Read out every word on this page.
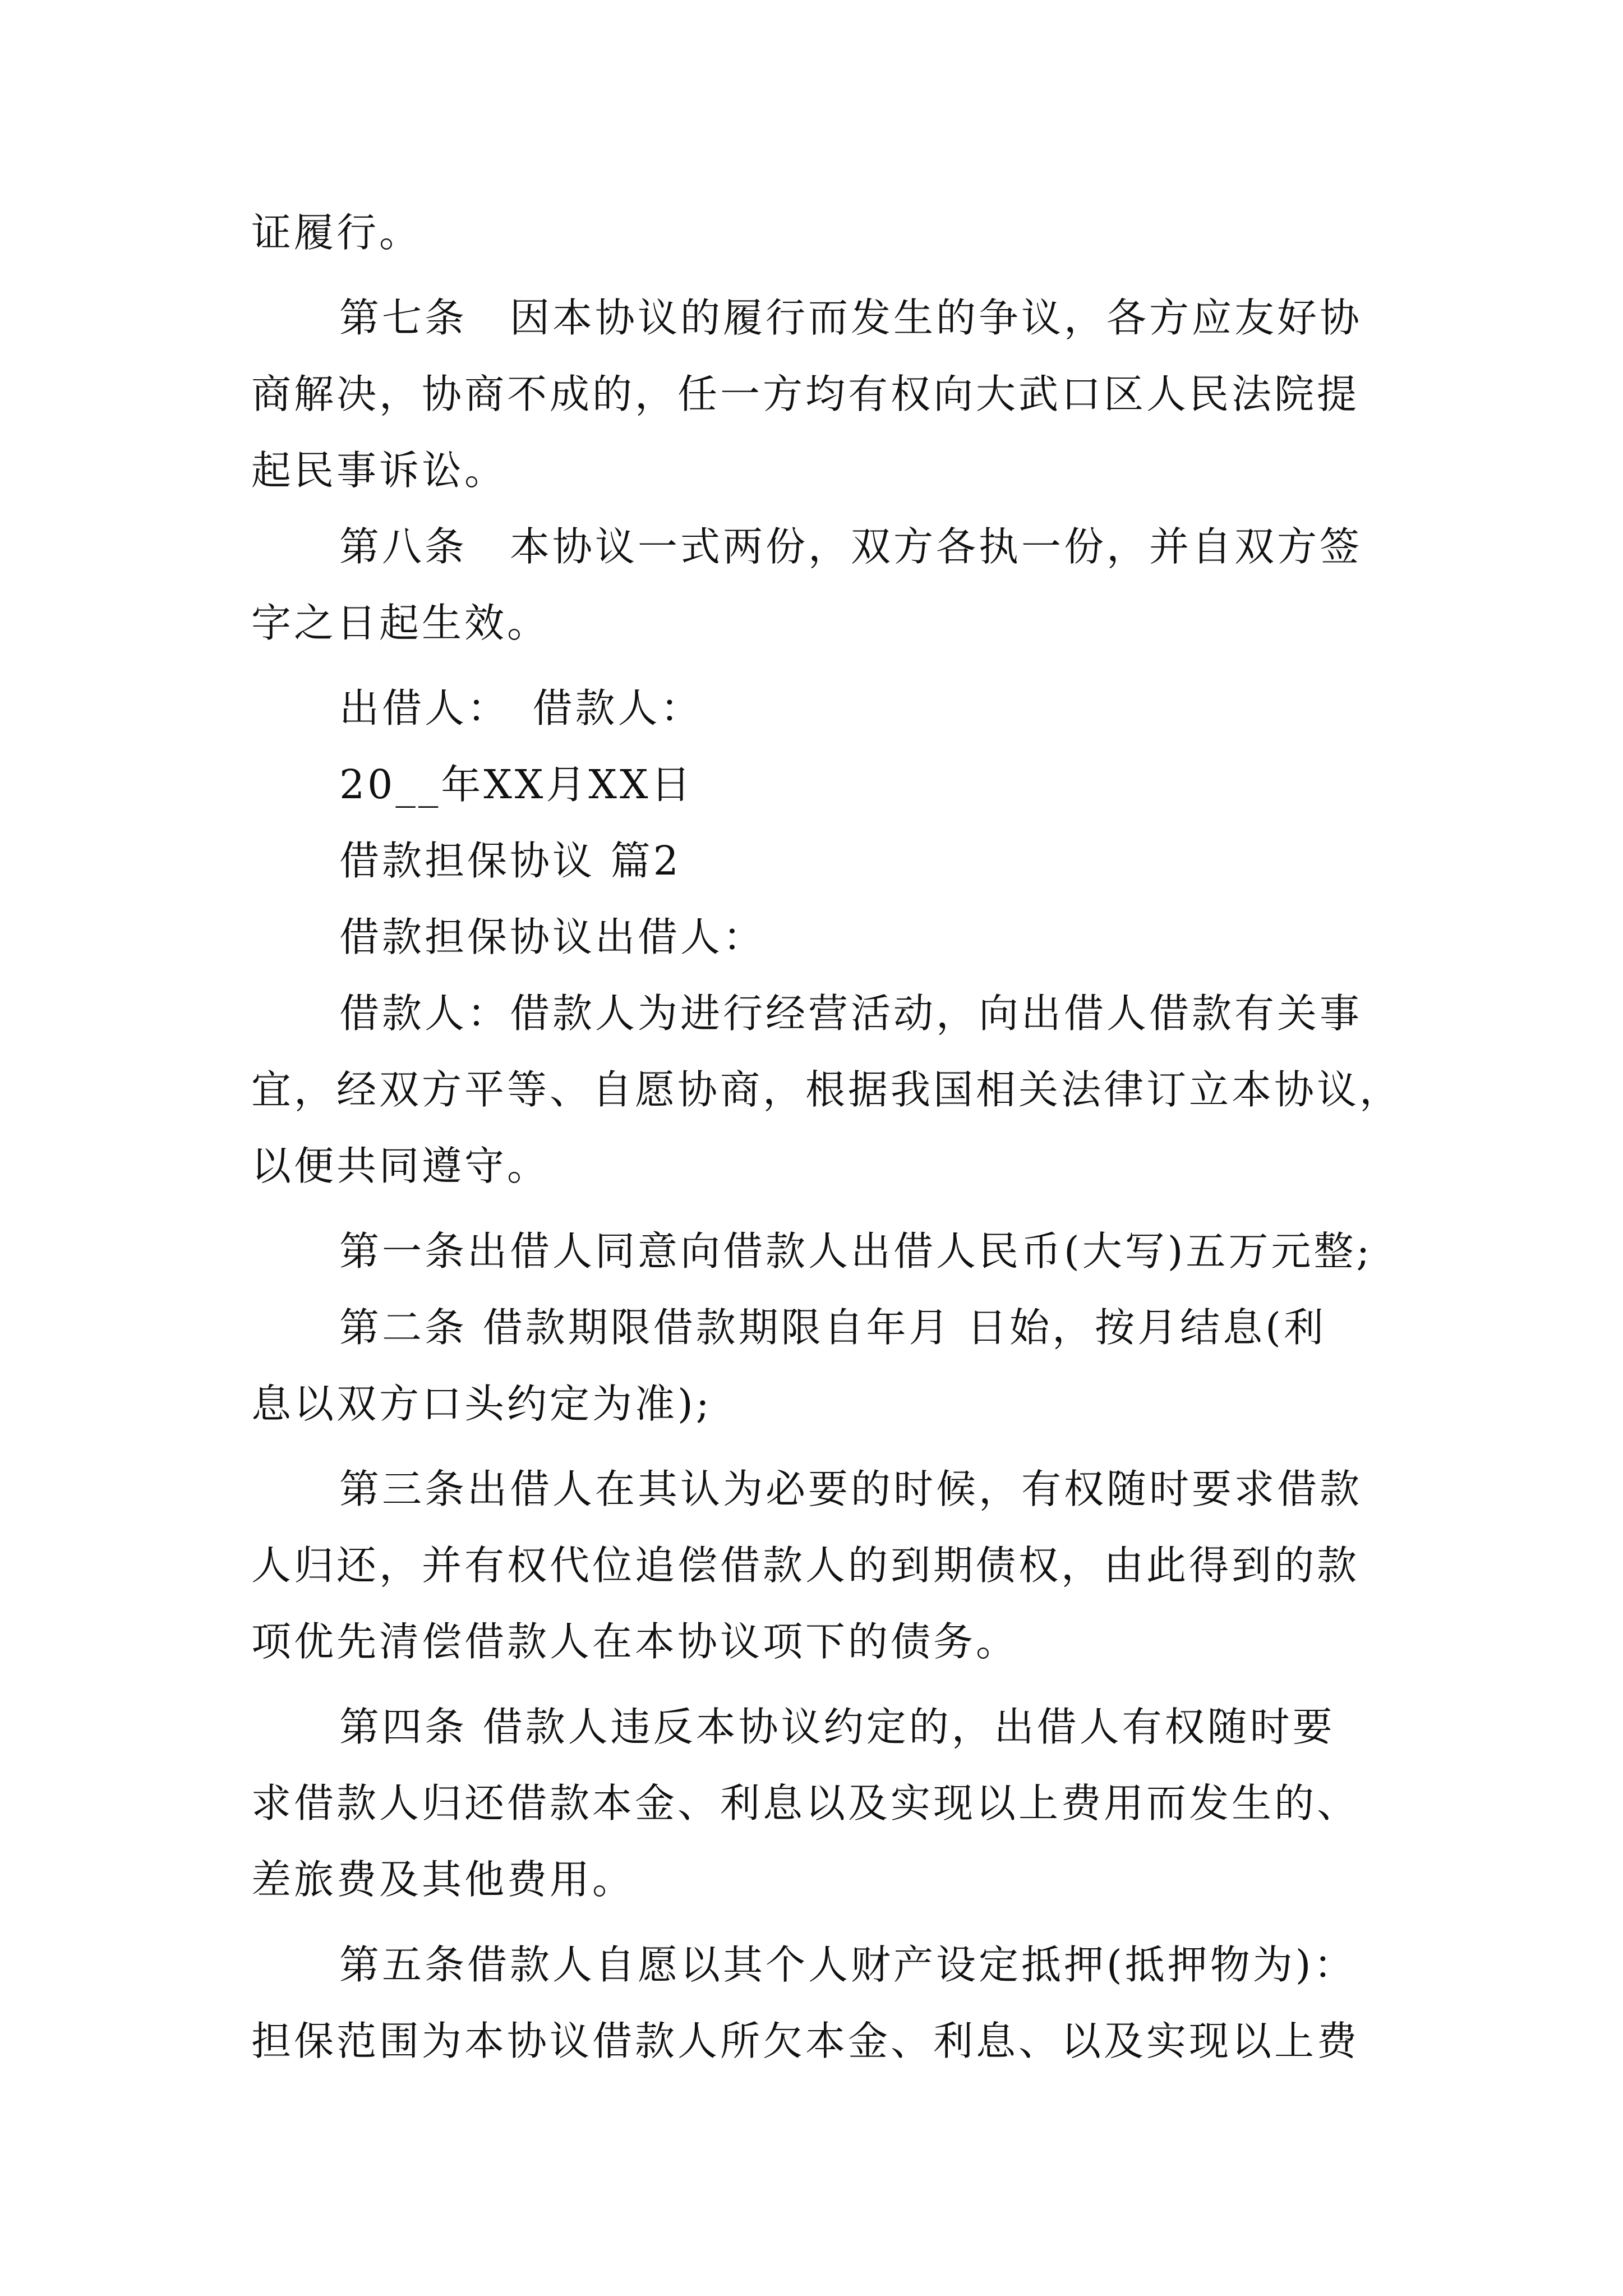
证履行。
第七条　因本协议的履行而发生的争议，各方应友好协
商解决，协商不成的，任一方均有权向大武口区人民法院提
起民事诉讼。
第八条　本协议一式两份，双方各执一份，并自双方签
字之日起生效。
出借人：　借款人：
20__年XX月XX日
借款担保协议 篇2
借款担保协议出借人：
借款人：借款人为进行经营活动，向出借人借款有关事
宜，经双方平等、自愿协商，根据我国相关法律订立本协议，
以便共同遵守。
第一条出借人同意向借款人出借人民币(大写)五万元整;
第二条 借款期限借款期限自年月 日始，按月结息(利
息以双方口头约定为准);
第三条出借人在其认为必要的时候，有权随时要求借款
人归还，并有权代位追偿借款人的到期债权，由此得到的款
项优先清偿借款人在本协议项下的债务。
第四条 借款人违反本协议约定的，出借人有权随时要
求借款人归还借款本金、利息以及实现以上费用而发生的、
差旅费及其他费用。
第五条借款人自愿以其个人财产设定抵押(抵押物为)：
担保范围为本协议借款人所欠本金、利息、以及实现以上费
